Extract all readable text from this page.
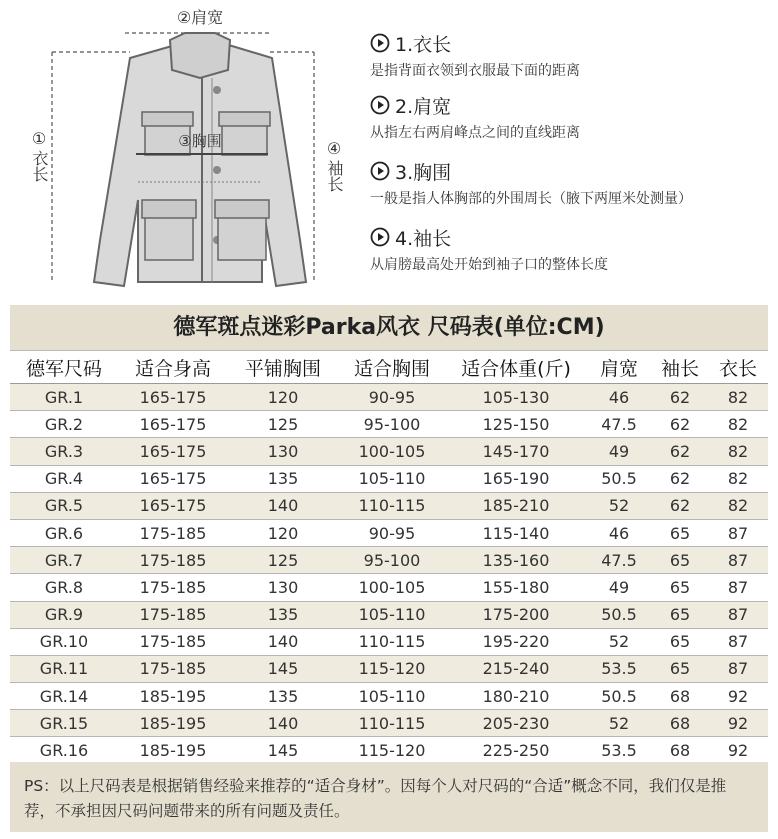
②肩宽
③胸围
①
衣长
④
袖长
1.衣长
是指背面衣领到衣服最下面的距离
2.肩宽
从指左右两肩峰点之间的直线距离
3.胸围
一般是指人体胸部的外围周长（腋下两厘米处测量）
4.袖长
从肩膀最高处开始到袖子口的整体长度
德军斑点迷彩Parka风衣 尺码表(单位:CM)
德军尺码	适合身高	平铺胸围	适合胸围	适合体重(斤)	肩宽	袖长	衣长
GR.1	165-175	120	90-95	105-130	46	62	82
GR.2	165-175	125	95-100	125-150	47.5	62	82
GR.3	165-175	130	100-105	145-170	49	62	82
GR.4	165-175	135	105-110	165-190	50.5	62	82
GR.5	165-175	140	110-115	185-210	52	62	82
GR.6	175-185	120	90-95	115-140	46	65	87
GR.7	175-185	125	95-100	135-160	47.5	65	87
GR.8	175-185	130	100-105	155-180	49	65	87
GR.9	175-185	135	105-110	175-200	50.5	65	87
GR.10	175-185	140	110-115	195-220	52	65	87
GR.11	175-185	145	115-120	215-240	53.5	65	87
GR.14	185-195	135	105-110	180-210	50.5	68	92
GR.15	185-195	140	110-115	205-230	52	68	92
GR.16	185-195	145	115-120	225-250	53.5	68	92
PS：以上尺码表是根据销售经验来推荐的“适合身材”。因每个人对尺码的“合适”概念不同，我们仅是推荐，不承担因尺码问题带来的所有问题及责任。
